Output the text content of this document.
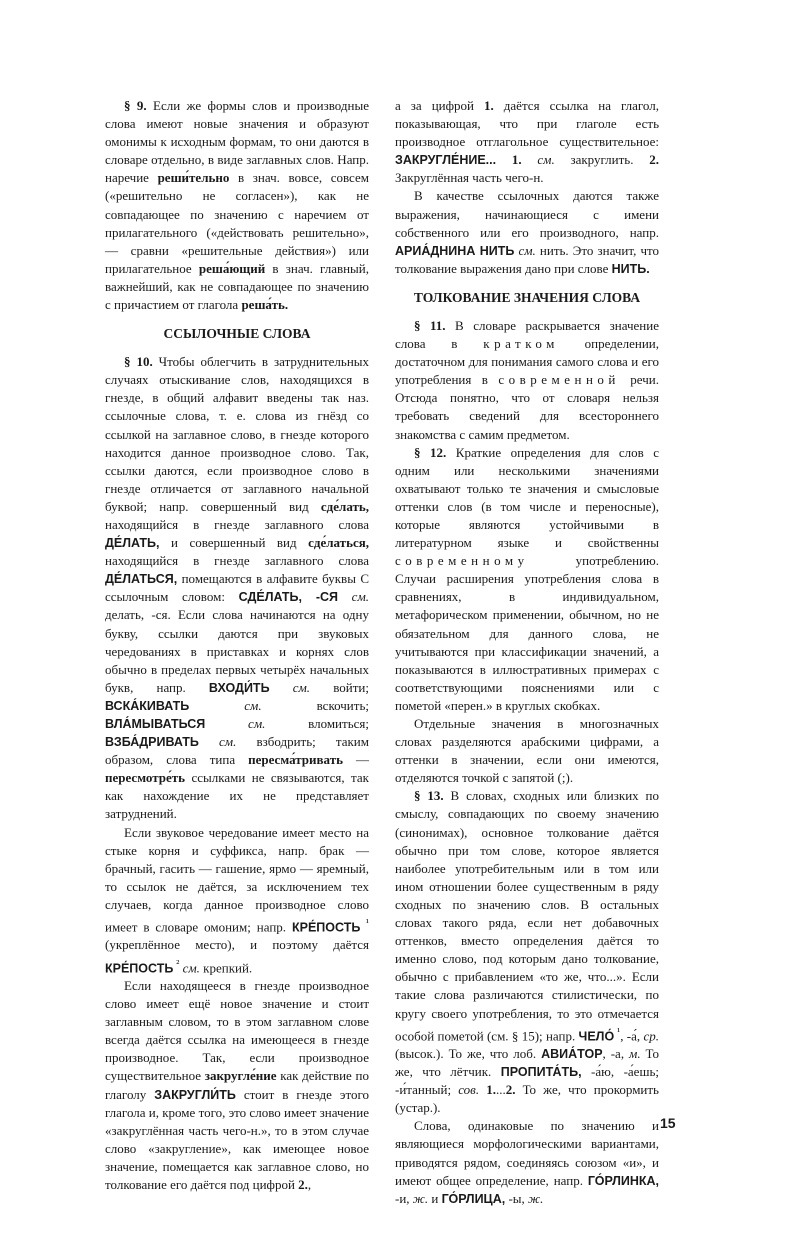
§ 9. Если же формы слов и производные слова имеют новые значения и образуют омонимы к исходным формам, то они даются в словаре отдельно, в виде заглавных слов. Напр. наречие реши́тельно в знач. вовсе, совсем («решительно не согласен»), как не совпадающее по значению с наречием от прилагательного («действовать решительно», — сравни «решительные действия») или прилагательное реша́ющий в знач. главный, важнейший, как не совпадающее по значению с причастием от глагола реша́ть.

ССЫЛОЧНЫЕ СЛОВА

§ 10. Чтобы облегчить в затруднительных случаях отыскивание слов, находящихся в гнезде, в общий алфавит введены так наз. ссылочные слова, т. е. слова из гнёзд со ссылкой на заглавное слово, в гнезде которого находится данное производное слово. Так, ссылки даются, если производное слово в гнезде отличается от заглавного начальной буквой; напр. совершенный вид сде́лать, находящийся в гнезде заглавного слова ДЕ́ЛАТЬ, и совершенный вид сде́латься, находящийся в гнезде заглавного слова ДЕ́ЛАТЬСЯ, помещаются в алфавите буквы С ссылочным словом: СДЕ́ЛАТЬ, -СЯ см. делать, -ся. Если слова начинаются на одну букву, ссылки даются при звуковых чередованиях в приставках и корнях слов обычно в пределах первых четырёх начальных букв, напр. ВХОДИ́ТЬ см. войти; ВСКА́КИВАТЬ см. вскочить; ВЛА́МЫВАТЬСЯ см. вломиться; ВЗБА́ДРИВАТЬ см. взбодрить; таким образом, слова типа пересма́тривать — пересмотре́ть ссылками не связываются, так как нахождение их не представляет затруднений.

Если звуковое чередование имеет место на стыке корня и суффикса, напр. брак — брачный, гасить — гашение, ярмо — яремный, то ссылок не даётся, за исключением тех случаев, когда данное производное слово имеет в словаре омоним; напр. КРЕ́ПОСТЬ $^{^1}$ (укреплённое место), и поэтому даётся КРЕ́ПОСТЬ $^{^2}$ см. крепкий.

Если находящееся в гнезде производное слово имеет ещё новое значение и стоит заглавным словом, то в этом заглавном слове всегда даётся ссылка на имеющееся в гнезде производное. Так, если производное существительное закругле́ние как действие по глаголу ЗАКРУГЛИ́ТЬ стоит в гнезде этого глагола и, кроме того, это слово имеет значение «закруглённая часть чего-н.», то в этом случае слово «закругление», как имеющее новое значение, помещается как заглавное слово, но толкование его даётся под цифрой 2.,

а за цифрой 1. даётся ссылка на глагол, показывающая, что при глаголе есть производное отглагольное существительное: ЗАКРУГЛЕ́НИЕ... 1. см. закруглить. 2. Закруглённая часть чего-н.

В качестве ссылочных даются также выражения, начинающиеся с имени собственного или его производного, напр. АРИА́ДНИНА НИТЬ см. нить. Это значит, что толкование выражения дано при слове НИТЬ.

ТОЛКОВАНИЕ ЗНАЧЕНИЯ СЛОВА

§ 11. В словаре раскрывается значение слова в кратком определении, достаточном для понимания самого слова и его употребления в современной речи. Отсюда понятно, что от словаря нельзя требовать сведений для всестороннего знакомства с самим предметом.

§ 12. Краткие определения для слов с одним или несколькими значениями охватывают только те значения и смысловые оттенки слов (в том числе и переносные), которые являются устойчивыми в литературном языке и свойственны современному употреблению. Случаи расширения употребления слова в сравнениях, в индивидуальном, метафорическом применении, обычном, но не обязательном для данного слова, не учитываются при классификации значений, а показываются в иллюстративных примерах с соответствующими пояснениями или с пометой «перен.» в круглых скобках.

Отдельные значения в многозначных словах разделяются арабскими цифрами, а оттенки в значении, если они имеются, отделяются точкой с запятой (;).

§ 13. В словах, сходных или близких по смыслу, совпадающих по своему значению (синонимах), основное толкование даётся обычно при том слове, которое является наиболее употребительным или в том или ином отношении более существенным в ряду сходных по значению слов. В остальных словах такого ряда, если нет добавочных оттенков, вместо определения даётся то именно слово, под которым дано толкование, обычно с прибавлением «то же, что...». Если такие слова различаются стилистически, по кругу своего употребления, то это отмечается особой пометой (см. § 15); напр. ЧЕЛО́ $^{^1}$, -а́, ср. (высок.). То же, что лоб. АВИА́ТОР, -а, м. То же, что лётчик. ПРОПИТА́ТЬ, -а́ю, -а́ешь; -и́танный; сов. 1....2. То же, что прокормить (устар.).

Слова, одинаковые по значению и являющиеся морфологическими вариантами, приводятся рядом, соединяясь союзом «и», и имеют общее определение, напр. ГО́РЛИНКА, -и, ж. и ГО́РЛИЦА, -ы, ж.

15
